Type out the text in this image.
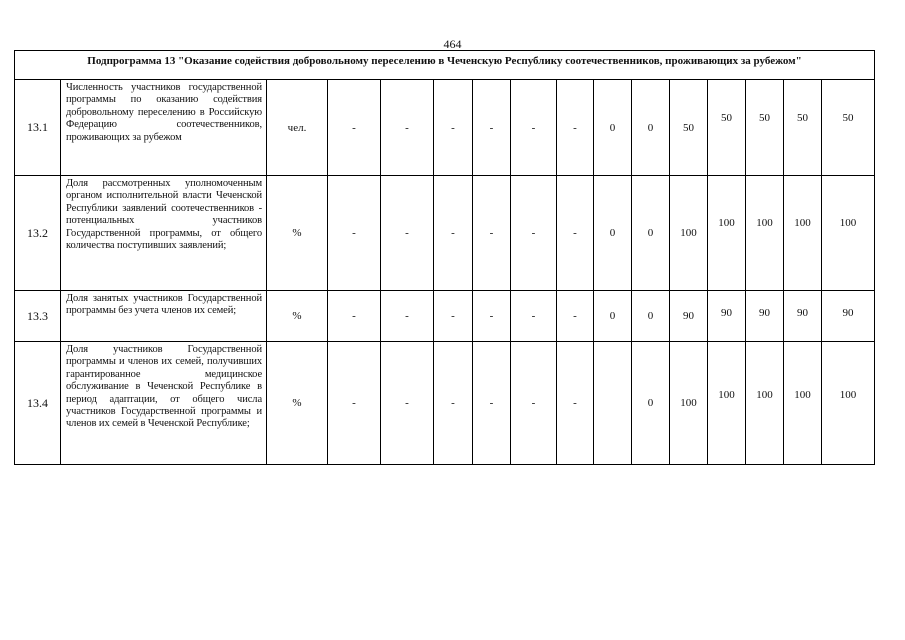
464
Подпрограмма 13 "Оказание содействия добровольному переселению в Чеченскую Республику соотечественников, проживающих за рубежом"															
13.1	Численность участников государственной программы по оказанию содействия добровольному переселению в Российскую Федерацию соотечественников, проживающих за рубежом	чел.	-	-	-	-	-	-	0	0	50	50	50	50	50
13.2	Доля рассмотренных уполномоченным органом исполнительной власти Чеченской Республики заявлений соотечественников - потенциальных участников Государственной программы, от общего количества поступивших заявлений;	%	-	-	-	-	-	-	0	0	100	100	100	100	100
13.3	Доля занятых участников Государственной программы без учета членов их семей;	%	-	-	-	-	-	-	0	0	90	90	90	90	90
13.4	Доля участников Государственной программы и членов их семей, получивших гарантированное медицинское обслуживание в Чеченской Республике в период адаптации, от общего числа участников Государственной программы и членов их семей в Чеченской Республике;	%	-	-	-	-	-	-		0	100	100	100	100	100
